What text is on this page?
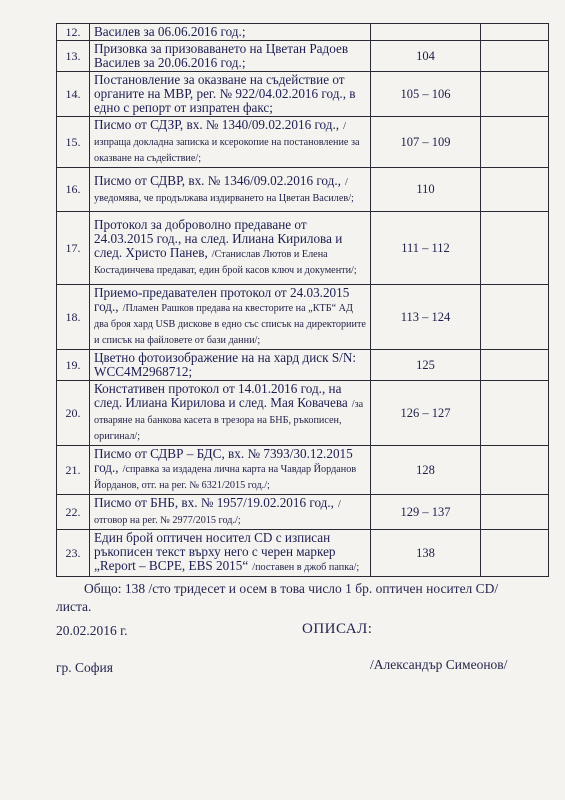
12.	Василев за 06.06.2016 год.;		
13.	Призовка за призоваването на Цветан Радоев Василев за 20.06.2016 год.;	104	
14.	Постановление за оказване на съдействие от органите на МВР, рег. № 922/04.02.2016 год., в едно с репорт от изпратен факс;	105 – 106	
15.	Писмо от СДЗР, вх. № 1340/09.02.2016 год., /изпраща докладна записка и ксерокопие на постановление за оказване на съдействие/;	107 – 109	
16.	Писмо от СДВР, вх. № 1346/09.02.2016 год., /уведомява, че продължава издирването на Цветан Василев/;	110	
17.	Протокол за доброволно предаване от 24.03.2015 год., на след. Илиана Кирилова и след. Христо Панев, /Станислав Лютов и Елена Костадинчева предават, един брой касов ключ и документи/;	111 – 112	
18.	Приемо-предавателен протокол от 24.03.2015 год., /Пламен Рашков предава на квесторите на „КТБ“ АД два броя хард USB дискове в едно със списък на директориите и списък на файловете от бази данни/;	113 – 124	
19.	Цветно фотоизображение на на хард диск S/N: WCC4M2968712;	125	
20.	Констативен протокол от 14.01.2016 год., на след. Илиана Кирилова и след. Мая Ковачева /за отваряне на банкова касета в трезора на БНБ, ръкописен, оригинал/;	126 – 127	
21.	Писмо от СДВР – БДС, вх. № 7393/30.12.2015 год., /справка за издадена лична карта на Чавдар Йорданов Йорданов, отг. на рег. № 6321/2015 год./;	128	
22.	Писмо от БНБ, вх. № 1957/19.02.2016 год., /отговор на рег. № 2977/2015 год./;	129 – 137	
23.	Един брой оптичен носител CD с изписан ръкописен текст върху него с черен маркер „Report – ВСРЕ, EBS 2015“ /поставен в джоб папка/;	138	
Общо: 138 /сто тридесет и осем в това число 1 бр. оптичен носител CD/ листа.
20.02.2016 г.	ОПИСАЛ:
гр. София	/Александър Симеонов/
